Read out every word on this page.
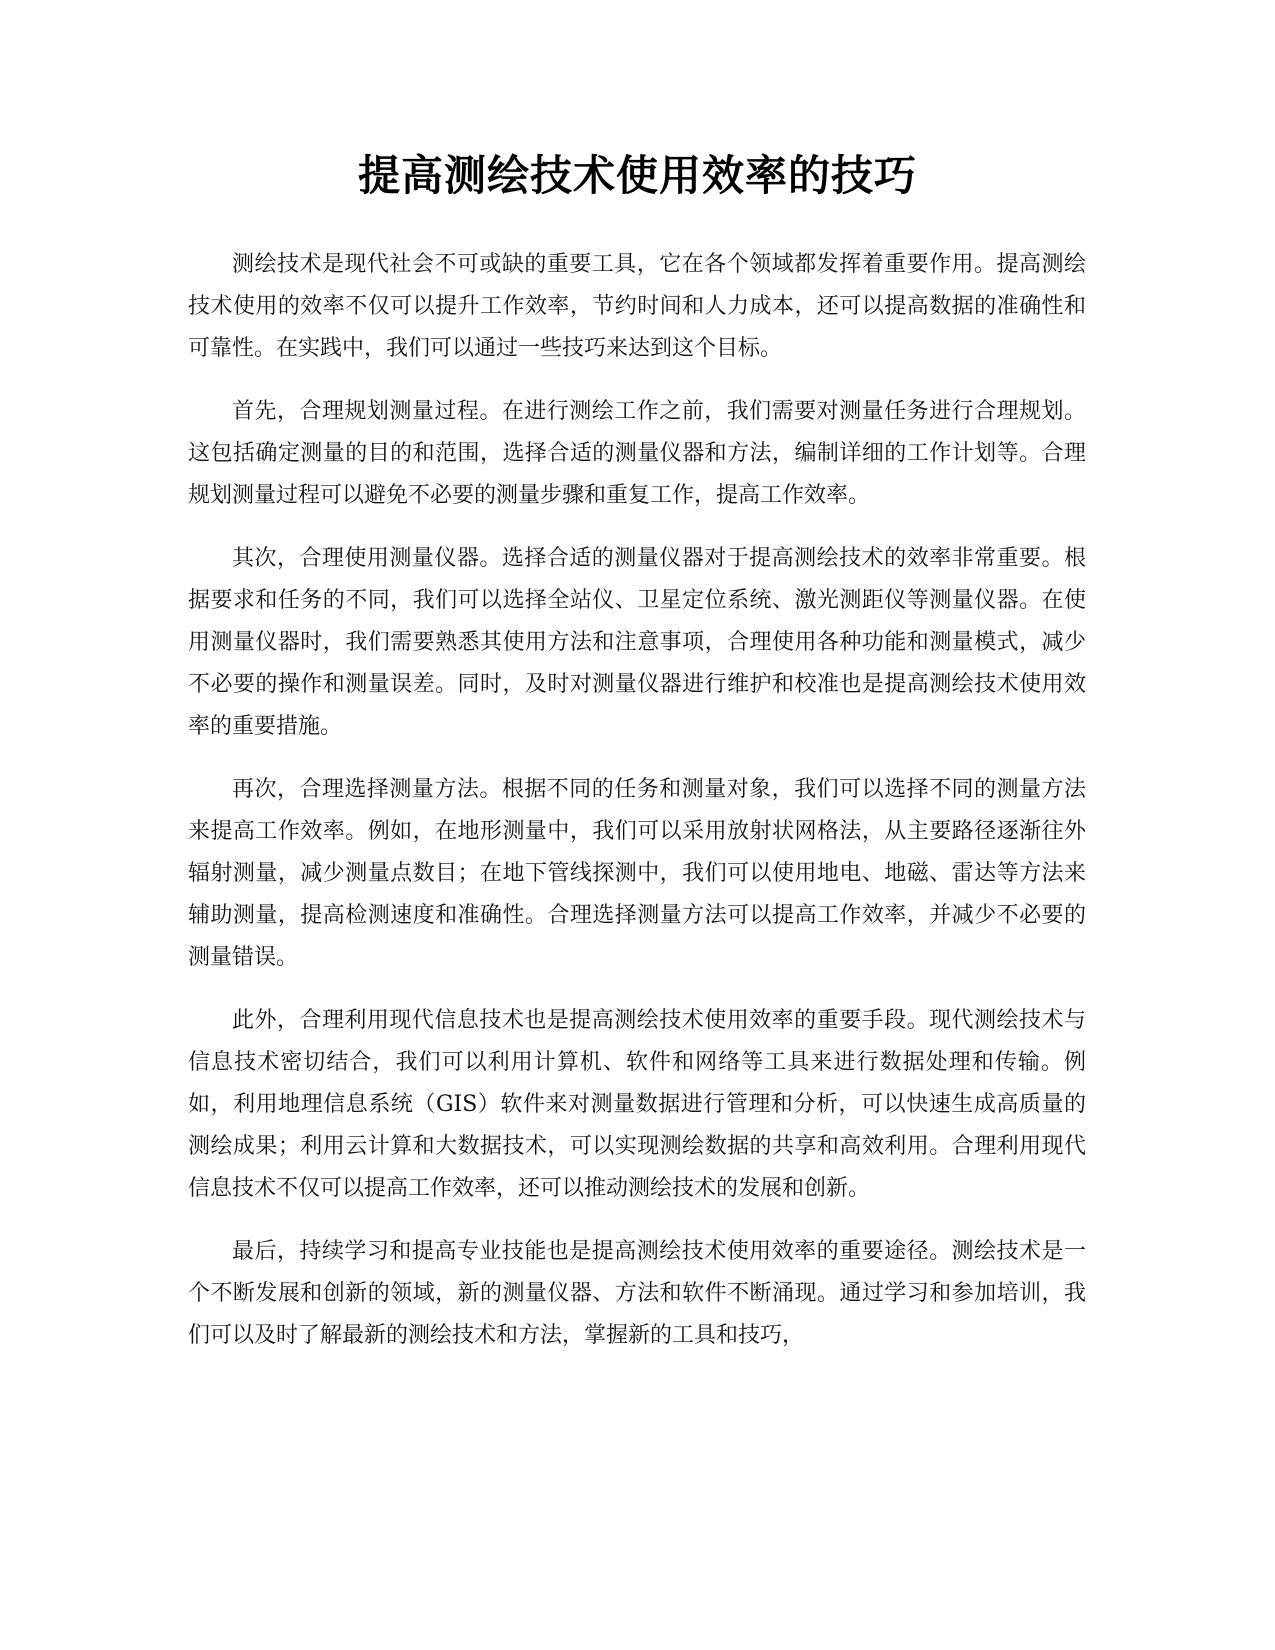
提高测绘技术使用效率的技巧

测绘技术是现代社会不可或缺的重要工具，它在各个领域都发挥着重要作用。提高测绘技术使用的效率不仅可以提升工作效率，节约时间和人力成本，还可以提高数据的准确性和可靠性。在实践中，我们可以通过一些技巧来达到这个目标。

首先，合理规划测量过程。在进行测绘工作之前，我们需要对测量任务进行合理规划。这包括确定测量的目的和范围，选择合适的测量仪器和方法，编制详细的工作计划等。合理规划测量过程可以避免不必要的测量步骤和重复工作，提高工作效率。

其次，合理使用测量仪器。选择合适的测量仪器对于提高测绘技术的效率非常重要。根据要求和任务的不同，我们可以选择全站仪、卫星定位系统、激光测距仪等测量仪器。在使用测量仪器时，我们需要熟悉其使用方法和注意事项，合理使用各种功能和测量模式，减少不必要的操作和测量误差。同时，及时对测量仪器进行维护和校准也是提高测绘技术使用效率的重要措施。

再次，合理选择测量方法。根据不同的任务和测量对象，我们可以选择不同的测量方法来提高工作效率。例如，在地形测量中，我们可以采用放射状网格法，从主要路径逐渐往外辐射测量，减少测量点数目；在地下管线探测中，我们可以使用地电、地磁、雷达等方法来辅助测量，提高检测速度和准确性。合理选择测量方法可以提高工作效率，并减少不必要的测量错误。

此外，合理利用现代信息技术也是提高测绘技术使用效率的重要手段。现代测绘技术与信息技术密切结合，我们可以利用计算机、软件和网络等工具来进行数据处理和传输。例如，利用地理信息系统（GIS）软件来对测量数据进行管理和分析，可以快速生成高质量的测绘成果；利用云计算和大数据技术，可以实现测绘数据的共享和高效利用。合理利用现代信息技术不仅可以提高工作效率，还可以推动测绘技术的发展和创新。

最后，持续学习和提高专业技能也是提高测绘技术使用效率的重要途径。测绘技术是一个不断发展和创新的领域，新的测量仪器、方法和软件不断涌现。通过学习和参加培训，我们可以及时了解最新的测绘技术和方法，掌握新的工具和技巧，
